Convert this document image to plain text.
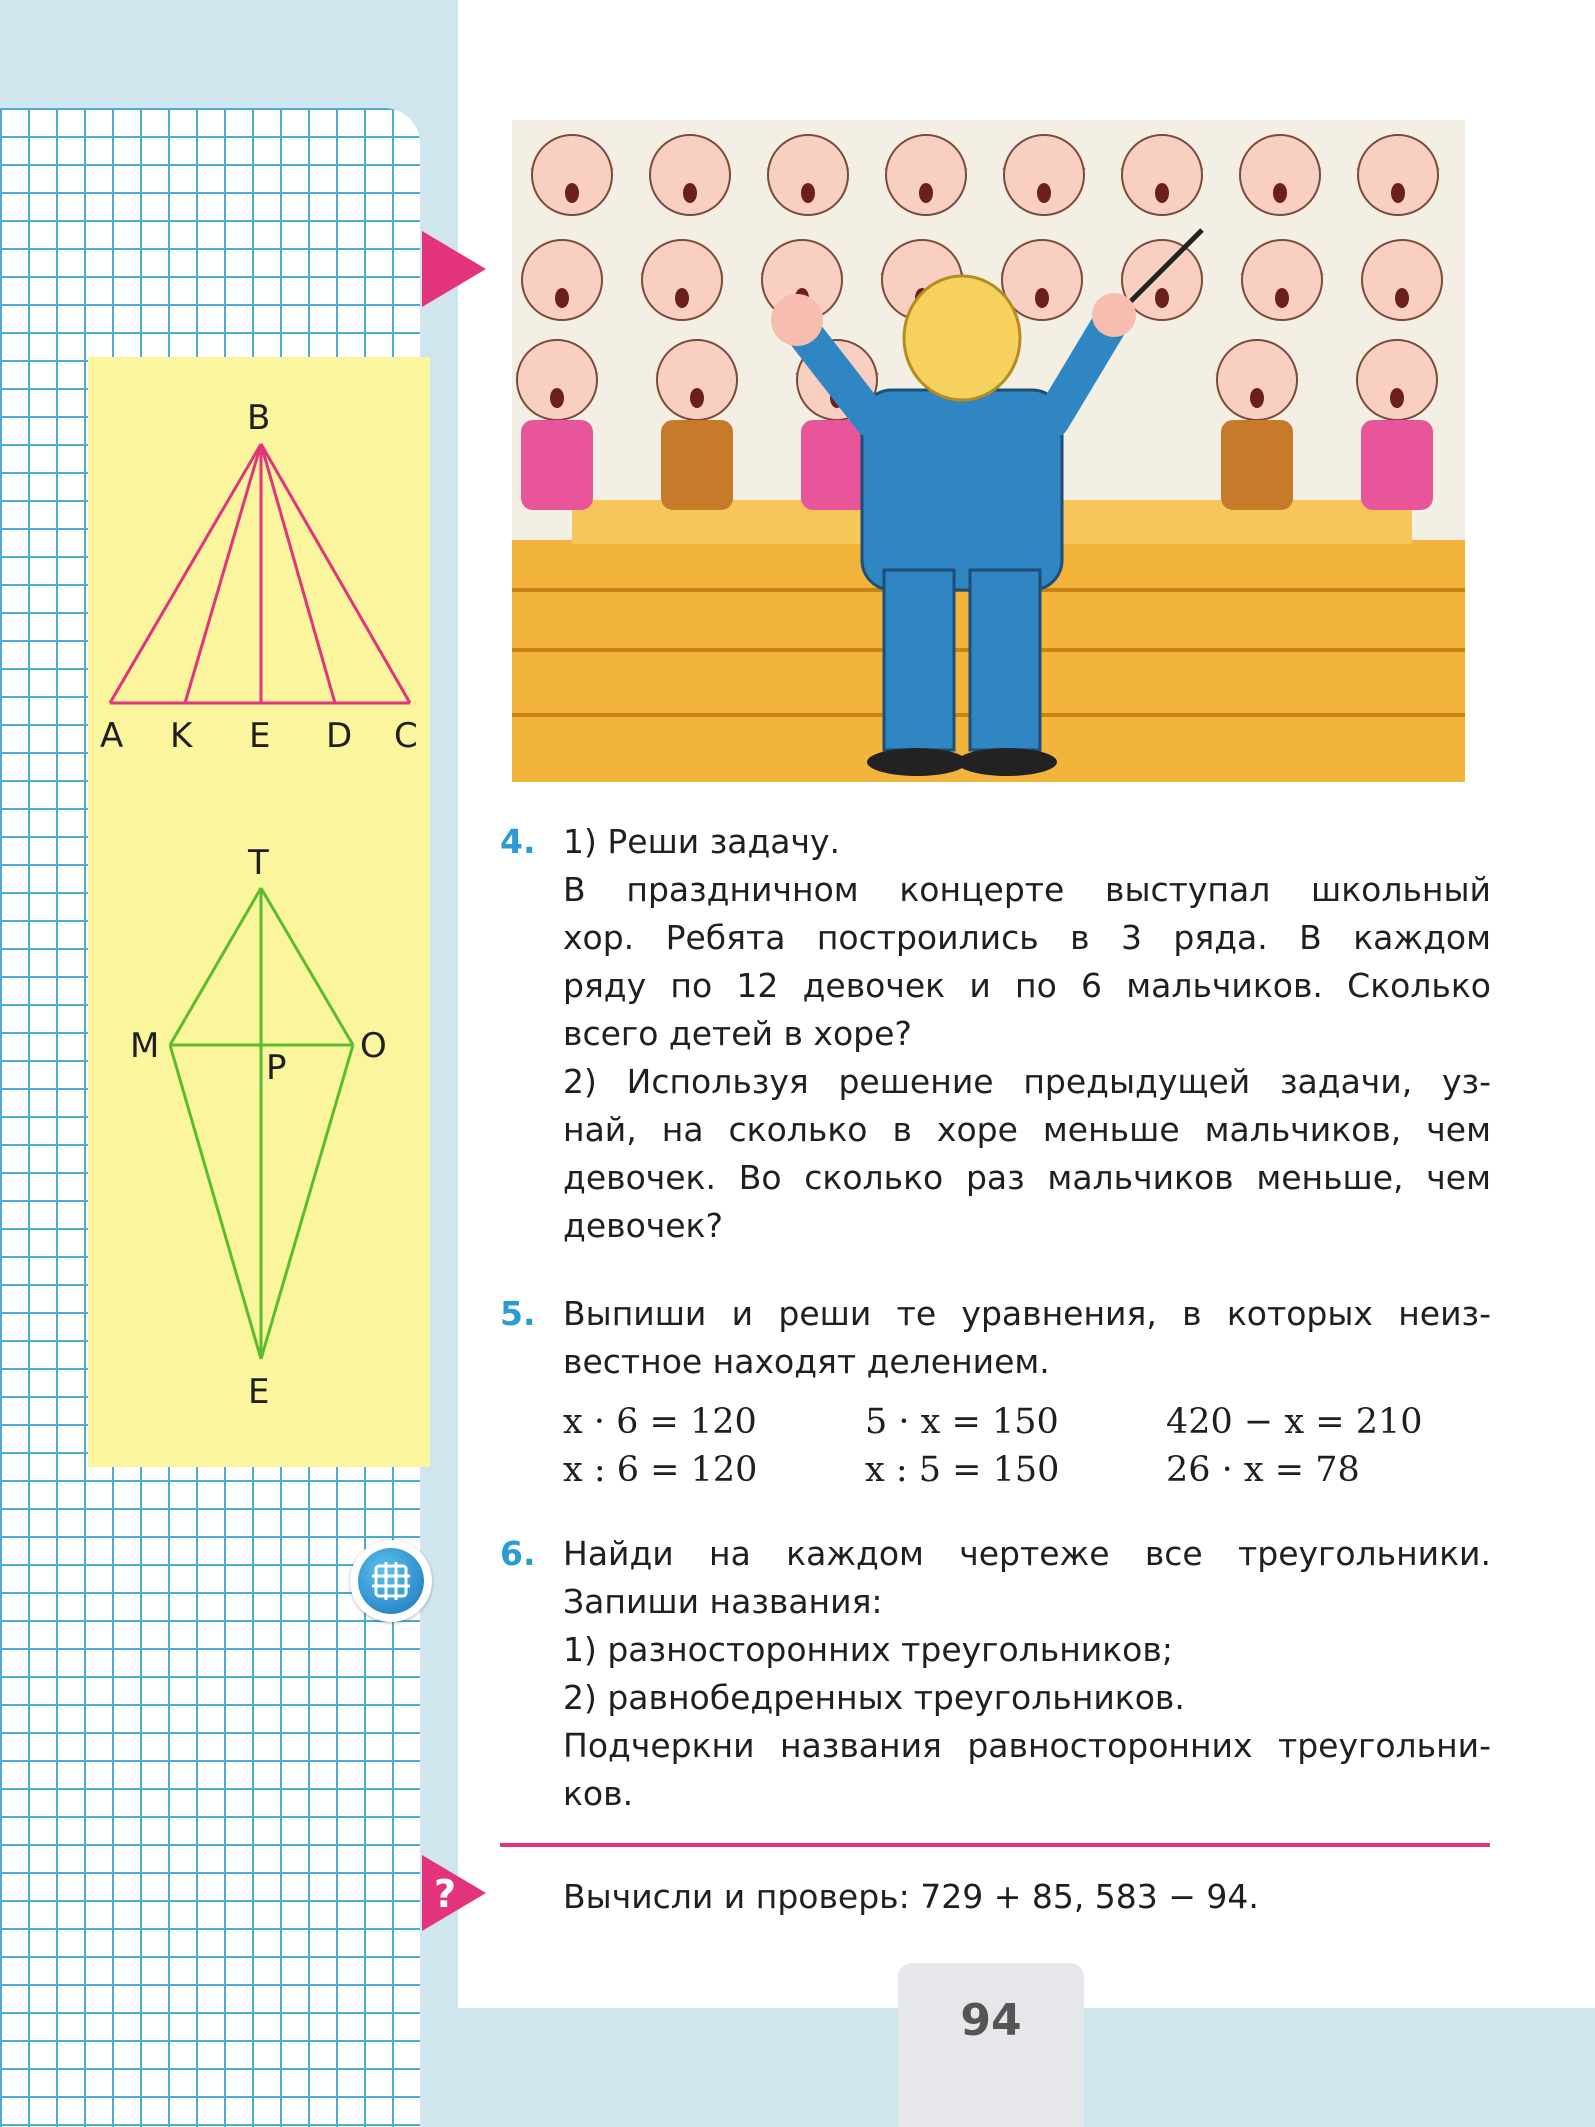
B
A K E D C
T
M
P
O
E
4. 1) Реши задачу.
В праздничном концерте выступал школьный
хор. Ребята построились в 3 ряда. В каждом
ряду по 12 девочек и по 6 мальчиков. Сколько
всего детей в хоре?
2) Используя решение предыдущей задачи, уз-
най, на сколько в хоре меньше мальчиков, чем
девочек. Во сколько раз мальчиков меньше, чем
девочек?
5. Выпиши и реши те уравнения, в которых неиз-
вестное находят делением.
x · 6 = 120	5 · x = 150	420 − x = 210
x : 6 = 120	x : 5 = 150	26 · x = 78
6. Найди на каждом чертеже все треугольники.
Запиши названия:
1) разносторонних треугольников;
2) равнобедренных треугольников.
Подчеркни названия равносторонних треугольни-
ков.
?	Вычисли и проверь: 729 + 85, 583 − 94.
94
